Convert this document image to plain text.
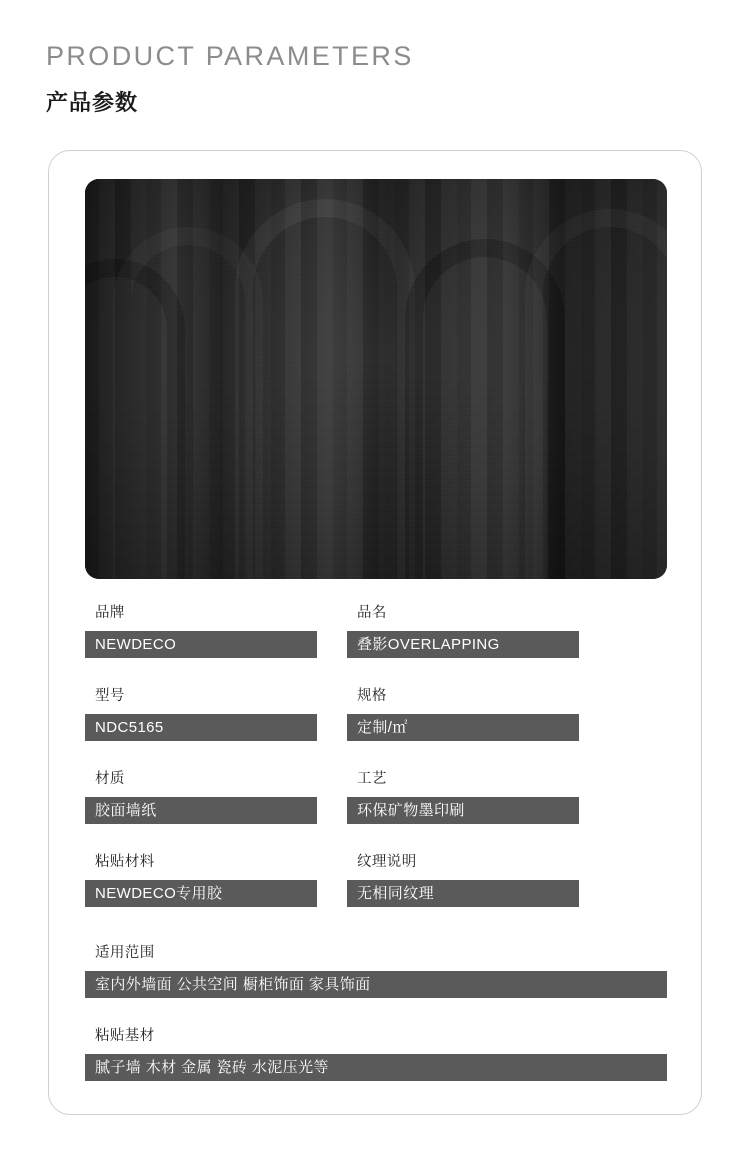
PRODUCT PARAMETERS
产品参数
品牌
NEWDECO
品名
叠影OVERLAPPING
型号
NDC5165
规格
定制/㎡
材质
胶面墙纸
工艺
环保矿物墨印刷
粘贴材料
NEWDECO专用胶
纹理说明
无相同纹理
适用范围
室内外墙面 公共空间 橱柜饰面 家具饰面
粘贴基材
腻子墙 木材 金属 瓷砖 水泥压光等
